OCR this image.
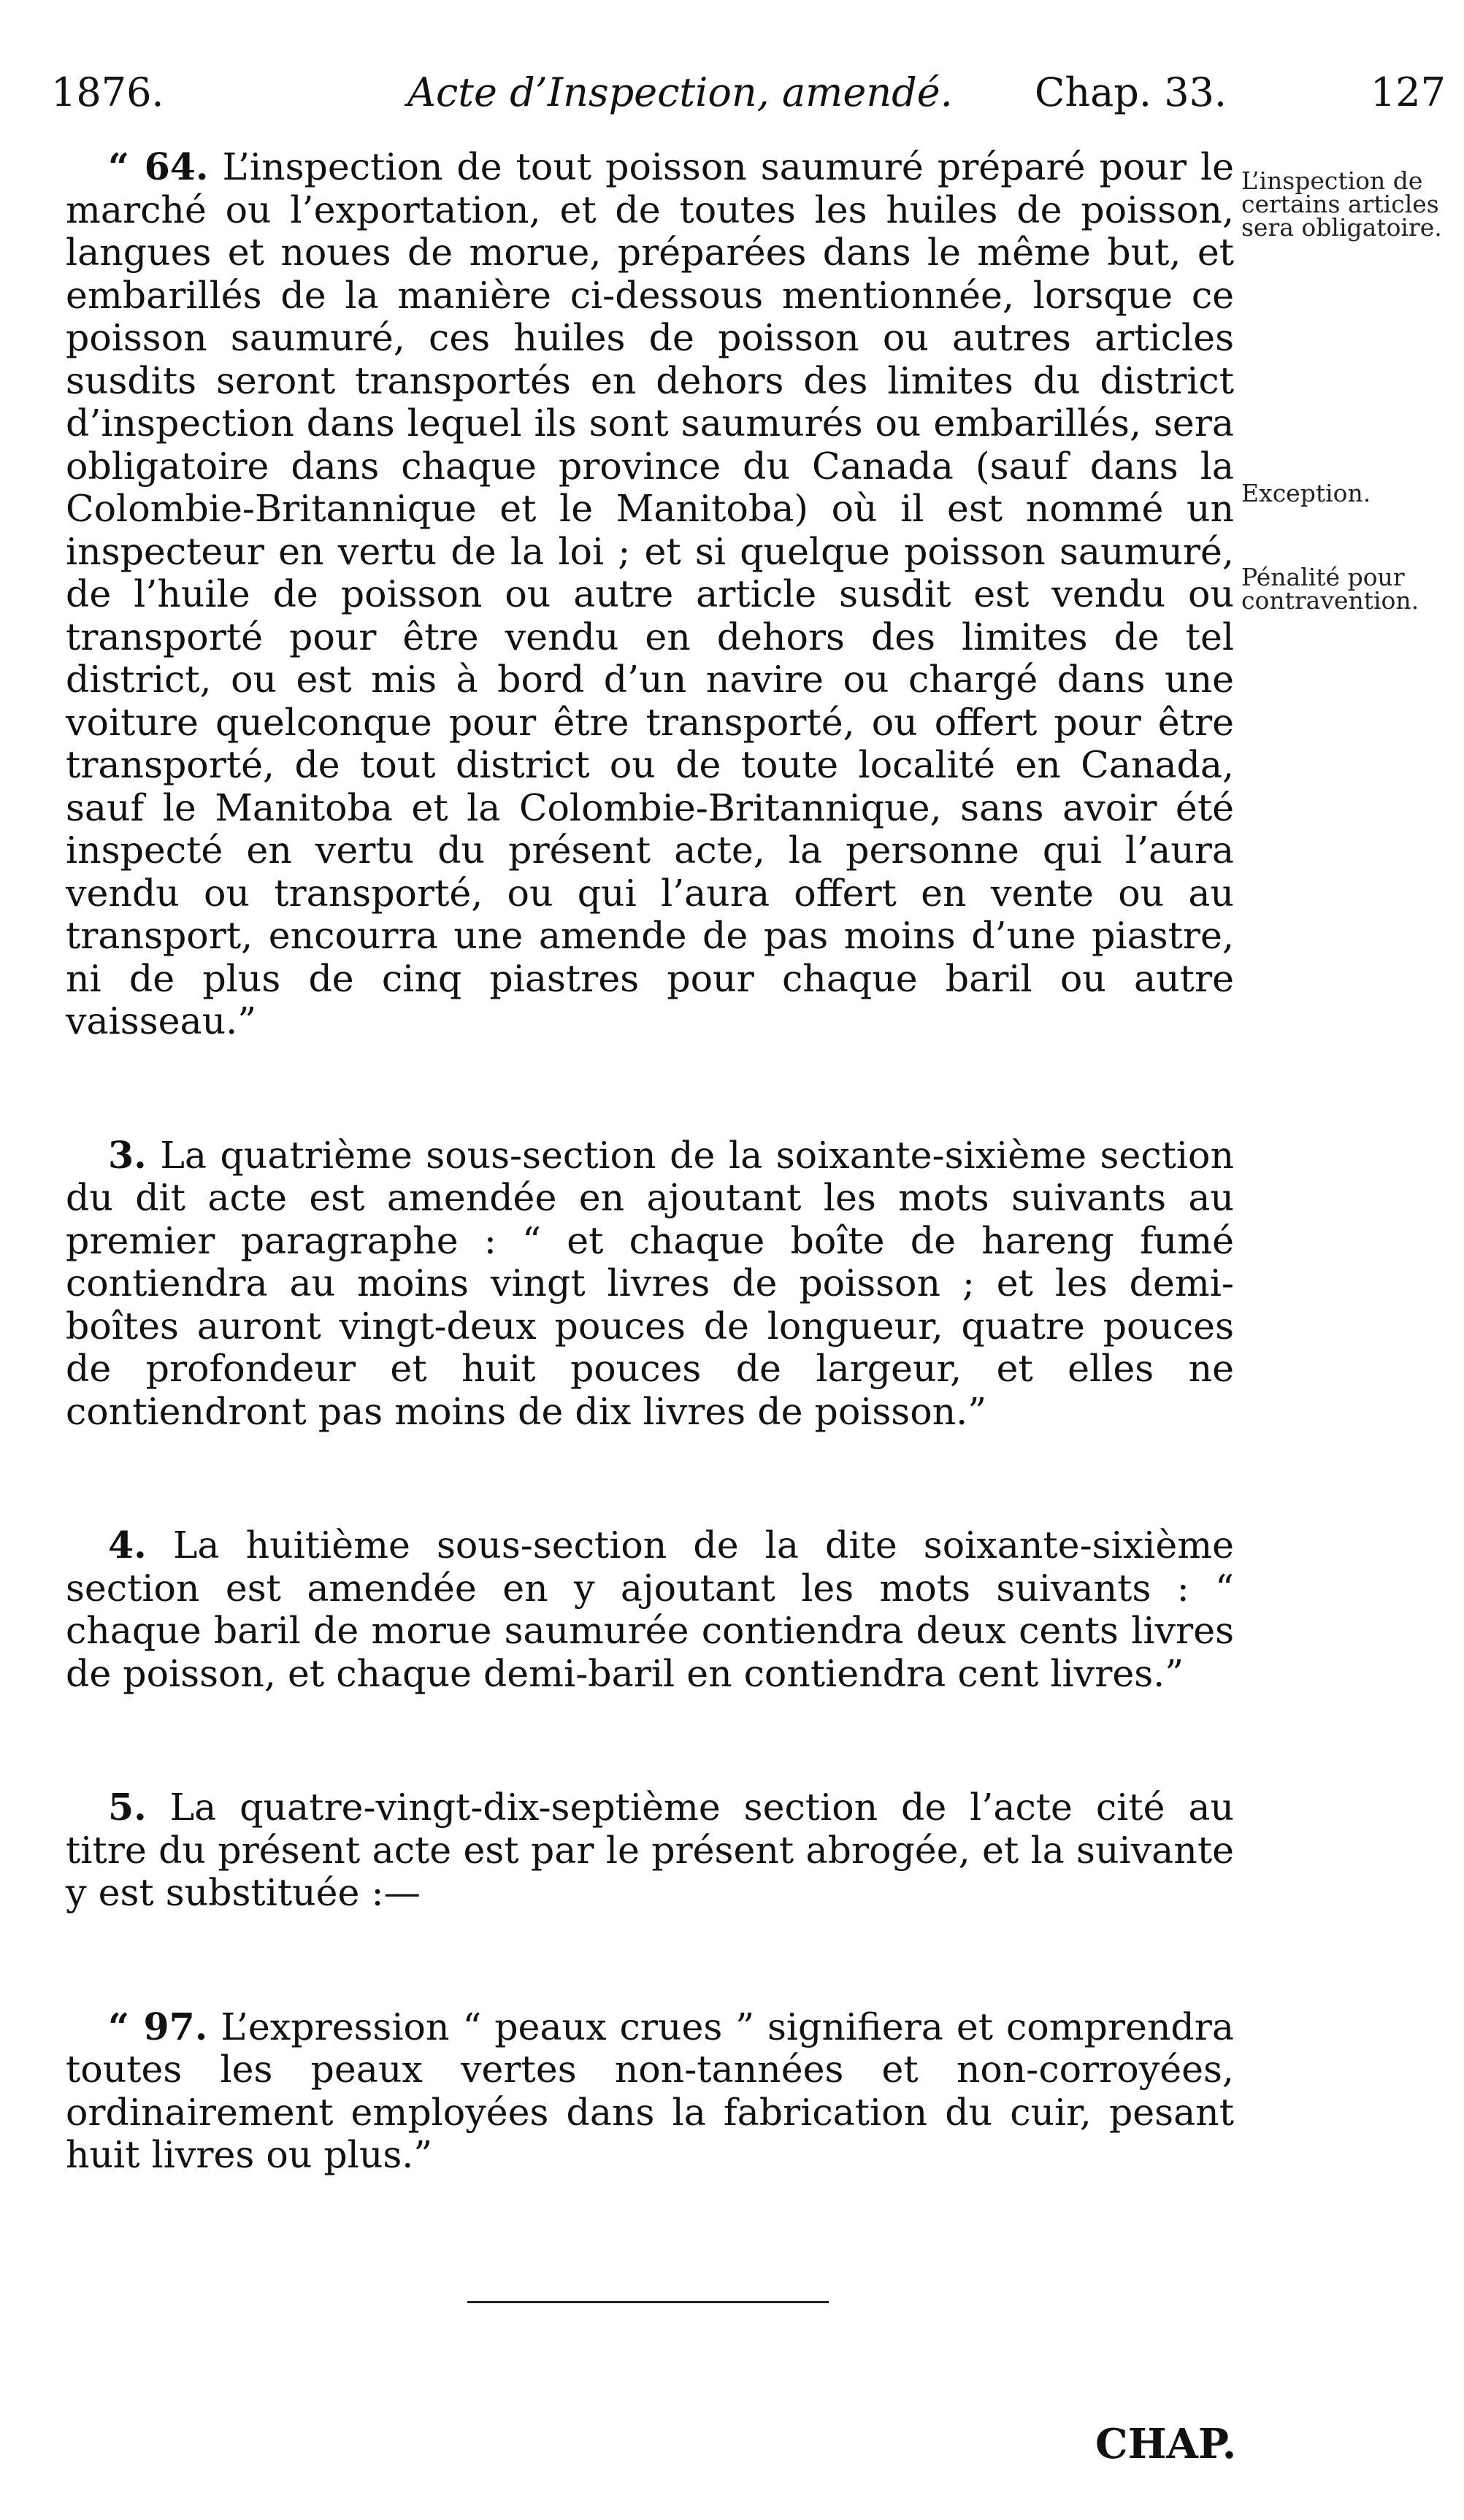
1876.	Acte d’Inspection, amendé. Chap. 33.	127

“ 64. L’inspection de tout poisson saumuré préparé pour le marché ou l’exportation, et de toutes les huiles de poisson, langues et noues de morue, préparées dans le même but, et embarillés de la manière ci-dessous mentionnée, lorsque ce poisson saumuré, ces huiles de poisson ou autres articles susdits seront transportés en dehors des limites du district d’inspection dans lequel ils sont saumurés ou embarillés, sera obligatoire dans chaque province du Canada (sauf dans la Colombie-Britannique et le Manitoba) où il est nommé un inspecteur en vertu de la loi ; et si quelque poisson saumuré, de l’huile de poisson ou autre article susdit est vendu ou transporté pour être vendu en dehors des limites de tel district, ou est mis à bord d’un navire ou chargé dans une voiture quelconque pour être transporté, ou offert pour être transporté, de tout district ou de toute localité en Canada, sauf le Manitoba et la Colombie-Britannique, sans avoir été inspecté en vertu du présent acte, la personne qui l’aura vendu ou transporté, ou qui l’aura offert en vente ou au transport, encourra une amende de pas moins d’une piastre, ni de plus de cinq piastres pour chaque baril ou autre vaisseau.”

3. La quatrième sous-section de la soixante-sixième section du dit acte est amendée en ajoutant les mots suivants au premier paragraphe : “ et chaque boîte de hareng fumé contiendra au moins vingt livres de poisson ; et les demi-boîtes auront vingt-deux pouces de longueur, quatre pouces de profondeur et huit pouces de largeur, et elles ne contiendront pas moins de dix livres de poisson.”

4. La huitième sous-section de la dite soixante-sixième section est amendée en y ajoutant les mots suivants : “ chaque baril de morue saumurée contiendra deux cents livres de poisson, et chaque demi-baril en contiendra cent livres.”

5. La quatre-vingt-dix-septième section de l’acte cité au titre du présent acte est par le présent abrogée, et la suivante y est substituée :—

“ 97. L’expression “ peaux crues ” signifiera et comprendra toutes les peaux vertes non-tannées et non-corroyées, ordinairement employées dans la fabrication du cuir, pesant huit livres ou plus.”

L’inspection de certains articles sera obligatoire.
Exception.
Pénalité pour contravention.
CHAP.
